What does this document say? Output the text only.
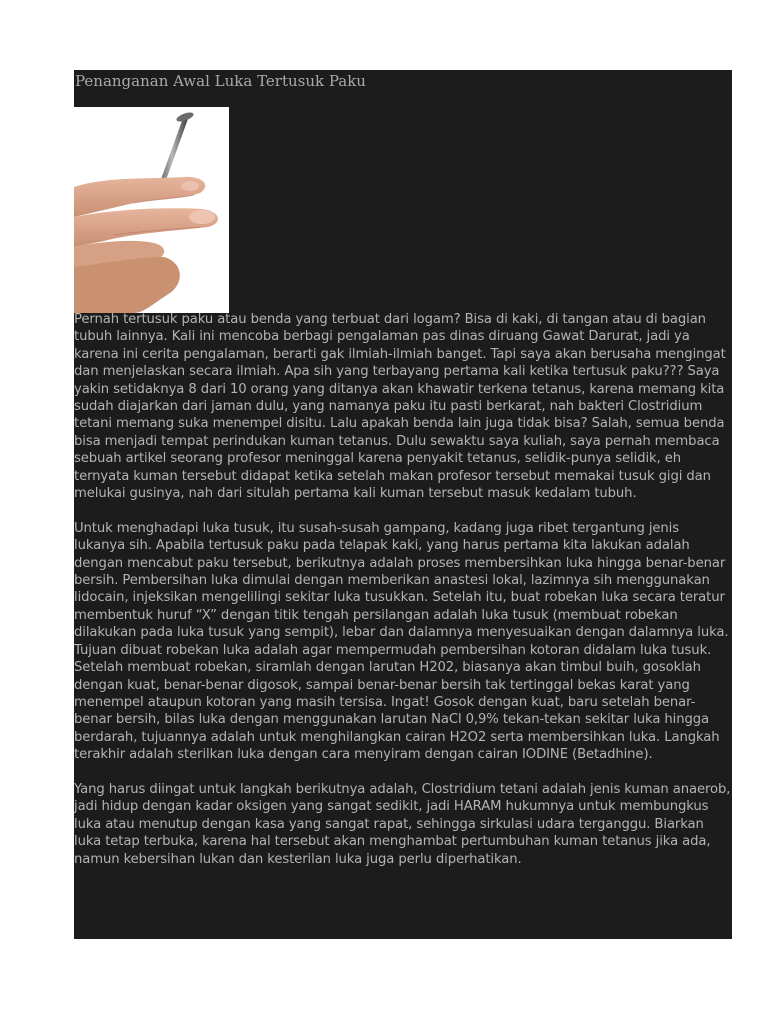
Penanganan Awal Luka Tertusuk Paku

Pernah tertusuk paku atau benda yang terbuat dari logam? Bisa di kaki, di tangan atau di bagian tubuh lainnya. Kali ini mencoba berbagi pengalaman pas dinas diruang Gawat Darurat, jadi ya karena ini cerita pengalaman, berarti gak ilmiah-ilmiah banget. Tapi saya akan berusaha mengingat dan menjelaskan secara ilmiah. Apa sih yang terbayang pertama kali ketika tertusuk paku??? Saya yakin setidaknya 8 dari 10 orang yang ditanya akan khawatir terkena tetanus, karena memang kita sudah diajarkan dari jaman dulu, yang namanya paku itu pasti berkarat, nah bakteri Clostridium tetani memang suka menempel disitu. Lalu apakah benda lain juga tidak bisa? Salah, semua benda bisa menjadi tempat perindukan kuman tetanus. Dulu sewaktu saya kuliah, saya pernah membaca sebuah artikel seorang profesor meninggal karena penyakit tetanus, selidik-punya selidik, eh ternyata kuman tersebut didapat ketika setelah makan profesor tersebut memakai tusuk gigi dan melukai gusinya, nah dari situlah pertama kali kuman tersebut masuk kedalam tubuh.

Untuk menghadapi luka tusuk, itu susah-susah gampang, kadang juga ribet tergantung jenis lukanya sih. Apabila tertusuk paku pada telapak kaki, yang harus pertama kita lakukan adalah dengan mencabut paku tersebut, berikutnya adalah proses membersihkan luka hingga benar-benar bersih. Pembersihan luka dimulai dengan memberikan anastesi lokal, lazimnya sih menggunakan lidocain, injeksikan mengelilingi sekitar luka tusukkan. Setelah itu, buat robekan luka secara teratur membentuk huruf “X” dengan titik tengah persilangan adalah luka tusuk (membuat robekan dilakukan pada luka tusuk yang sempit), lebar dan dalamnya menyesuaikan dengan dalamnya luka. Tujuan dibuat robekan luka adalah agar mempermudah pembersihan kotoran didalam luka tusuk. Setelah membuat robekan, siramlah dengan larutan H202, biasanya akan timbul buih, gosoklah dengan kuat, benar-benar digosok, sampai benar-benar bersih tak tertinggal bekas karat yang menempel ataupun kotoran yang masih tersisa. Ingat! Gosok dengan kuat, baru setelah benar-benar bersih, bilas luka dengan menggunakan larutan NaCl 0,9% tekan-tekan sekitar luka hingga berdarah, tujuannya adalah untuk menghilangkan cairan H2O2 serta membersihkan luka. Langkah terakhir adalah sterilkan luka dengan cara menyiram dengan cairan IODINE (Betadhine).

Yang harus diingat untuk langkah berikutnya adalah, Clostridium tetani adalah jenis kuman anaerob, jadi hidup dengan kadar oksigen yang sangat sedikit, jadi HARAM hukumnya untuk membungkus luka atau menutup dengan kasa yang sangat rapat, sehingga sirkulasi udara terganggu. Biarkan luka tetap terbuka, karena hal tersebut akan menghambat pertumbuhan kuman tetanus jika ada, namun kebersihan lukan dan kesterilan luka juga perlu diperhatikan.
